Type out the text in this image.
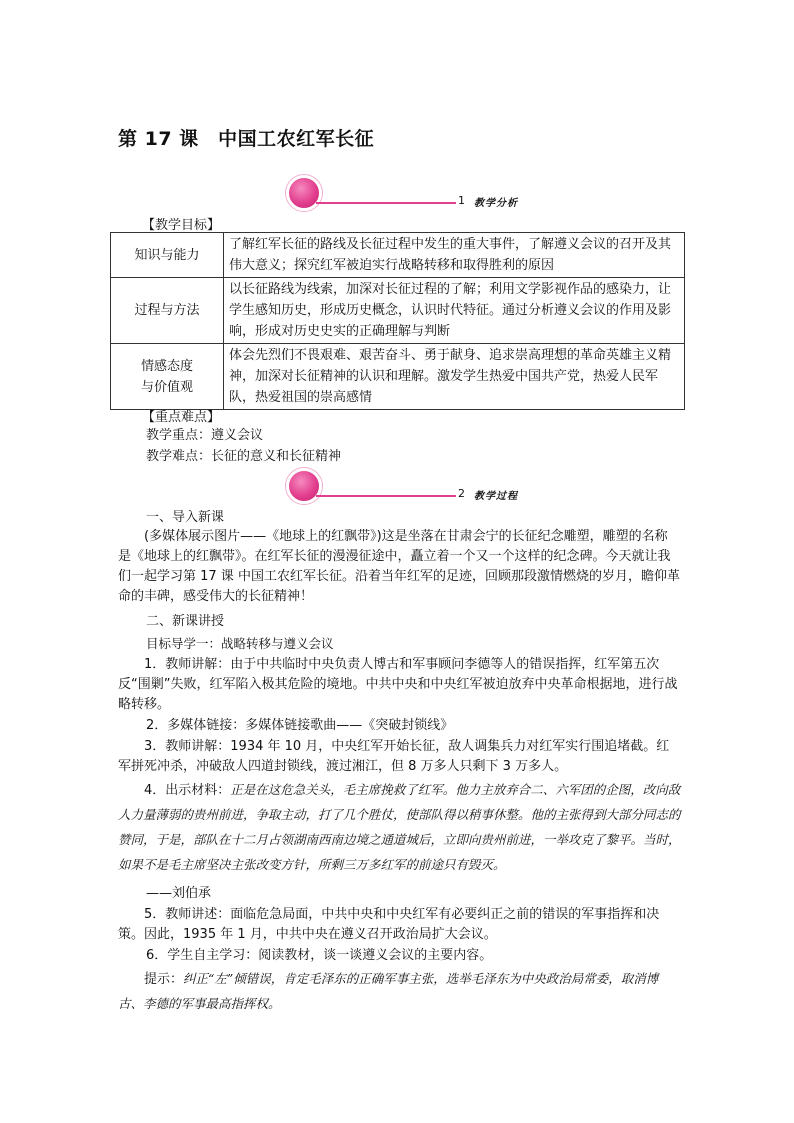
第 17 课　中国工农红军长征
1 教学分析
【教学目标】
知识与能力	了解红军长征的路线及长征过程中发生的重大事件，了解遵义会议的召开及其伟大意义；探究红军被迫实行战略转移和取得胜利的原因
过程与方法	以长征路线为线索，加深对长征过程的了解；利用文学影视作品的感染力，让学生感知历史，形成历史概念，认识时代特征。通过分析遵义会议的作用及影响，形成对历史史实的正确理解与判断

情感态度
与价值观	体会先烈们不畏艰难、艰苦奋斗、勇于献身、追求崇高理想的革命英雄主义精神，加深对长征精神的认识和理解。激发学生热爱中国共产党，热爱人民军队，热爱祖国的崇高感情
【重点难点】
教学重点：遵义会议
教学难点：长征的意义和长征精神
2 教学过程
一、导入新课
(多媒体展示图片——《地球上的红飘带》)这是坐落在甘肃会宁的长征纪念雕塑，雕塑的名称是《地球上的红飘带》。在红军长征的漫漫征途中，矗立着一个又一个这样的纪念碑。今天就让我们一起学习第 17 课 中国工农红军长征。沿着当年红军的足迹，回顾那段激情燃烧的岁月，瞻仰革命的丰碑，感受伟大的长征精神！
二、新课讲授
目标导学一：战略转移与遵义会议
1．教师讲解：由于中共临时中央负责人博古和军事顾问李德等人的错误指挥，红军第五次反“围剿”失败，红军陷入极其危险的境地。中共中央和中央红军被迫放弃中央革命根据地，进行战略转移。
2．多媒体链接：多媒体链接歌曲——《突破封锁线》
3．教师讲解：1934 年 10 月，中央红军开始长征，敌人调集兵力对红军实行围追堵截。红军拼死冲杀，冲破敌人四道封锁线，渡过湘江，但 8 万多人只剩下 3 万多人。
4．出示材料：正是在这危急关头，毛主席挽救了红军。他力主放弃合二、六军团的企图，改向敌人力量薄弱的贵州前进，争取主动，打了几个胜仗，使部队得以稍事休整。他的主张得到大部分同志的赞同，于是，部队在十二月占领湖南西南边境之通道城后，立即向贵州前进，一举攻克了黎平。当时，如果不是毛主席坚决主张改变方针，所剩三万多红军的前途只有毁灭。
——刘伯承
5．教师讲述：面临危急局面，中共中央和中央红军有必要纠正之前的错误的军事指挥和决策。因此，1935 年 1 月，中共中央在遵义召开政治局扩大会议。
6．学生自主学习：阅读教材，谈一谈遵义会议的主要内容。
提示：纠正“左”倾错误，肯定毛泽东的正确军事主张，选举毛泽东为中央政治局常委，取消博古、李德的军事最高指挥权。
